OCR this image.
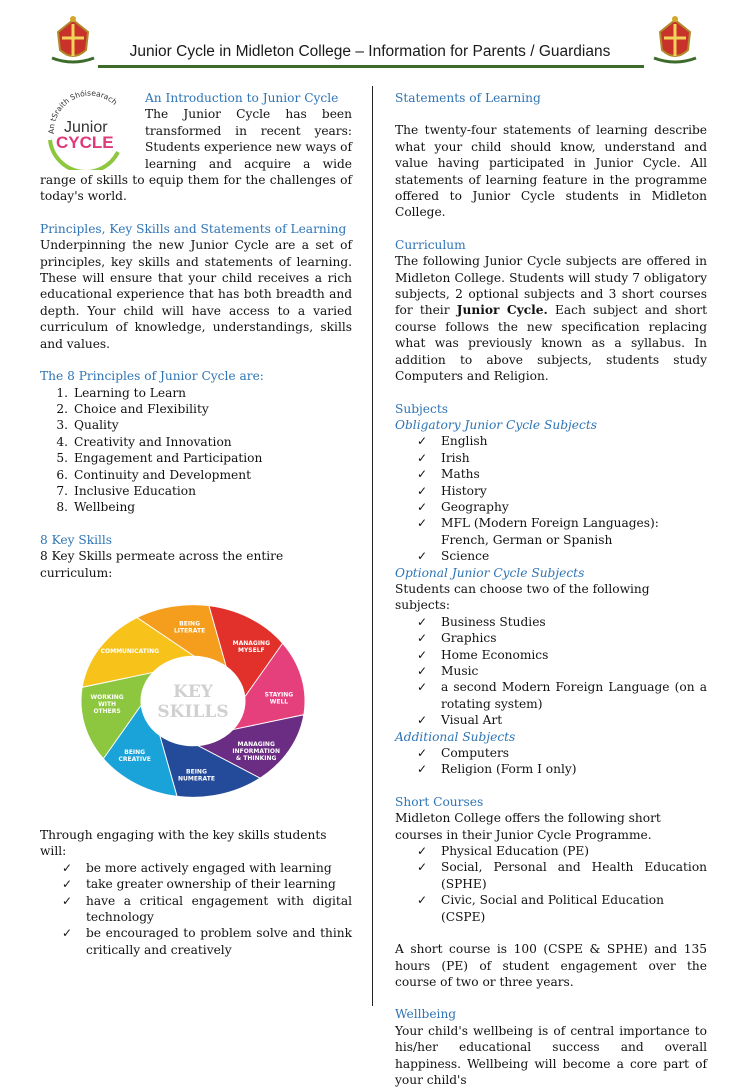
Junior Cycle in Midleton College – Information for Parents / Guardians
An tSraith Shóisearach
Junior
CYCLE
An Introduction to Junior Cycle
The Junior Cycle has been transformed in recent years: Students experience new ways of learning and acquire a wide range of skills to equip them for the challenges of today's world.
Principles, Key Skills and Statements of Learning
Underpinning the new Junior Cycle are a set of principles, key skills and statements of learning. These will ensure that your child receives a rich educational experience that has both breadth and depth. Your child will have access to a varied curriculum of knowledge, understandings, skills and values.
The 8 Principles of Junior Cycle are:
1. Learning to Learn
2. Choice and Flexibility
3. Quality
4. Creativity and Innovation
5. Engagement and Participation
6. Continuity and Development
7. Inclusive Education
8. Wellbeing
8 Key Skills
8 Key Skills permeate across the entire curriculum:
BEING LITERATE
MANAGING MYSELF
STAYING WELL
MANAGING INFORMATION & THINKING
BEING NUMERATE
BEING CREATIVE
WORKING WITH OTHERS
COMMUNICATING
KEY
SKILLS
Through engaging with the key skills students will:
✓ be more actively engaged with learning
✓ take greater ownership of their learning
✓ have a critical engagement with digital technology
✓ be encouraged to problem solve and think critically and creatively
Statements of Learning
The twenty-four statements of learning describe what your child should know, understand and value having participated in Junior Cycle. All statements of learning feature in the programme offered to Junior Cycle students in Midleton College.
Curriculum
The following Junior Cycle subjects are offered in Midleton College. Students will study 7 obligatory subjects, 2 optional subjects and 3 short courses for their Junior Cycle. Each subject and short course follows the new specification replacing what was previously known as a syllabus. In addition to above subjects, students study Computers and Religion.
Subjects
Obligatory Junior Cycle Subjects
✓ English
✓ Irish
✓ Maths
✓ History
✓ Geography
✓ MFL (Modern Foreign Languages): French, German or Spanish
✓ Science
Optional Junior Cycle Subjects
Students can choose two of the following subjects:
✓ Business Studies
✓ Graphics
✓ Home Economics
✓ Music
✓ a second Modern Foreign Language (on a rotating system)
✓ Visual Art
Additional Subjects
✓ Computers
✓ Religion (Form I only)
Short Courses
Midleton College offers the following short courses in their Junior Cycle Programme.
✓ Physical Education (PE)
✓ Social, Personal and Health Education (SPHE)
✓ Civic, Social and Political Education (CSPE)
A short course is 100 (CSPE & SPHE) and 135 hours (PE) of student engagement over the course of two or three years.
Wellbeing
Your child's wellbeing is of central importance to his/her educational success and overall happiness. Wellbeing will become a core part of your child's
